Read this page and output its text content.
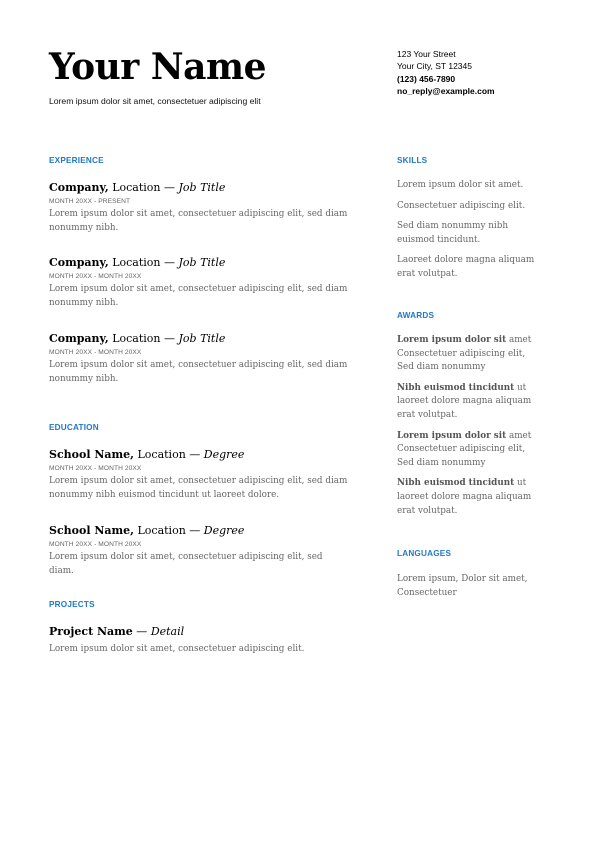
Your Name
Lorem ipsum dolor sit amet, consectetuer adipiscing elit
123 Your Street
Your City, ST 12345
(123) 456-7890
no_reply@example.com
EXPERIENCE
Company, Location — Job Title
MONTH 20XX - PRESENT
Lorem ipsum dolor sit amet, consectetuer adipiscing elit, sed diam nonummy nibh.
Company, Location — Job Title
MONTH 20XX - MONTH 20XX
Lorem ipsum dolor sit amet, consectetuer adipiscing elit, sed diam nonummy nibh.
Company, Location — Job Title
MONTH 20XX - MONTH 20XX
Lorem ipsum dolor sit amet, consectetuer adipiscing elit, sed diam nonummy nibh.
EDUCATION
School Name, Location — Degree
MONTH 20XX - MONTH 20XX
Lorem ipsum dolor sit amet, consectetuer adipiscing elit, sed diam nonummy nibh euismod tincidunt ut laoreet dolore.
School Name, Location — Degree
MONTH 20XX - MONTH 20XX
Lorem ipsum dolor sit amet, consectetuer adipiscing elit, sed diam.
PROJECTS
Project Name — Detail
Lorem ipsum dolor sit amet, consectetuer adipiscing elit.
SKILLS

Lorem ipsum dolor sit amet.

Consectetuer adipiscing elit.

Sed diam nonummy nibh euismod tincidunt.

Laoreet dolore magna aliquam erat volutpat.

AWARDS

Lorem ipsum dolor sit amet Consectetuer adipiscing elit, Sed diam nonummy

Nibh euismod tincidunt ut laoreet dolore magna aliquam erat volutpat.

Lorem ipsum dolor sit amet Consectetuer adipiscing elit, Sed diam nonummy

Nibh euismod tincidunt ut laoreet dolore magna aliquam erat volutpat.

LANGUAGES
Lorem ipsum, Dolor sit amet, Consectetuer
